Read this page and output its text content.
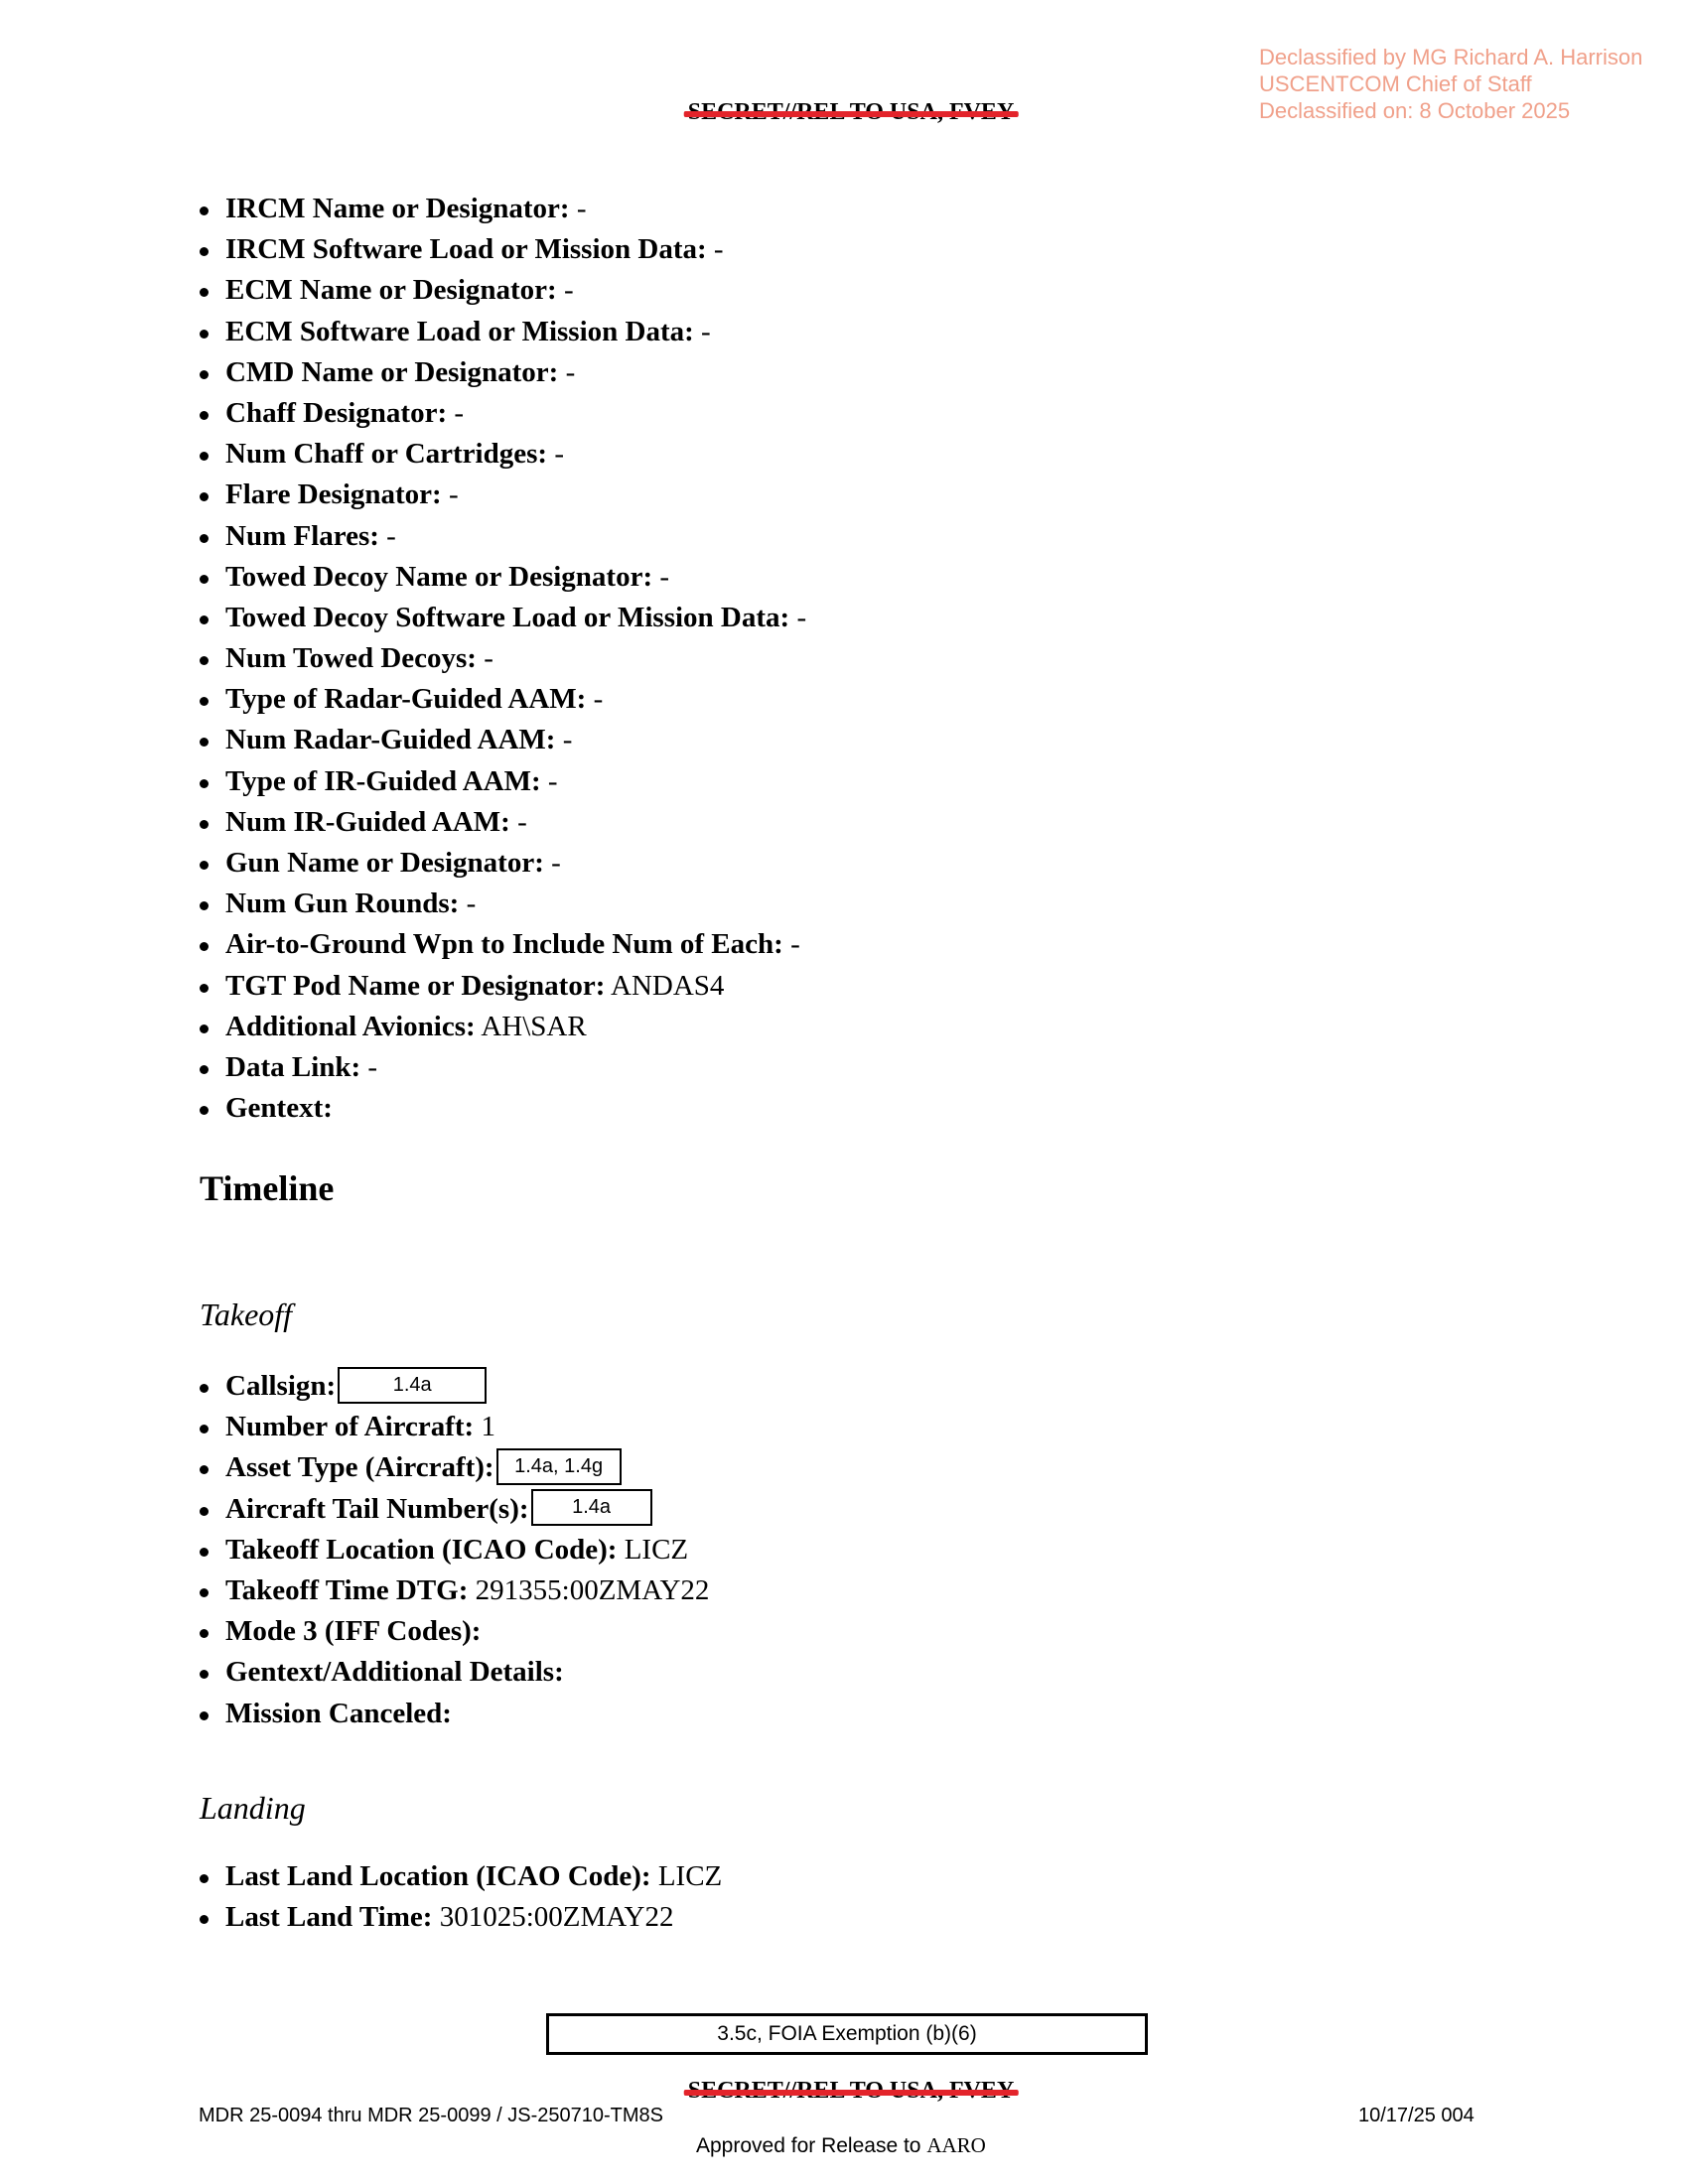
Declassified by MG Richard A. Harrison
USCENTCOM Chief of Staff
Declassified on: 8 October 2025
IRCM Name or Designator: -
IRCM Software Load or Mission Data: -
ECM Name or Designator: -
ECM Software Load or Mission Data: -
CMD Name or Designator: -
Chaff Designator: -
Num Chaff or Cartridges: -
Flare Designator: -
Num Flares: -
Towed Decoy Name or Designator: -
Towed Decoy Software Load or Mission Data: -
Num Towed Decoys: -
Type of Radar-Guided AAM: -
Num Radar-Guided AAM: -
Type of IR-Guided AAM: -
Num IR-Guided AAM: -
Gun Name or Designator: -
Num Gun Rounds: -
Air-to-Ground Wpn to Include Num of Each: -
TGT Pod Name or Designator: ANDAS4
Additional Avionics: AH\SAR
Data Link: -
Gentext:
Timeline
Takeoff
Callsign:	1.4a
Number of Aircraft: 1
Asset Type (Aircraft): 1.4a, 1.4g
Aircraft Tail Number(s): 1.4a
Takeoff Location (ICAO Code): LICZ
Takeoff Time DTG: 291355:00ZMAY22
Mode 3 (IFF Codes):
Gentext/Additional Details:
Mission Canceled:
Landing
Last Land Location (ICAO Code): LICZ
Last Land Time: 301025:00ZMAY22
3.5c, FOIA Exemption (b)(6)
MDR 25-0094 thru MDR 25-0099 / JS-250710-TM8S	10/17/25 004
Approved for Release to AARO
